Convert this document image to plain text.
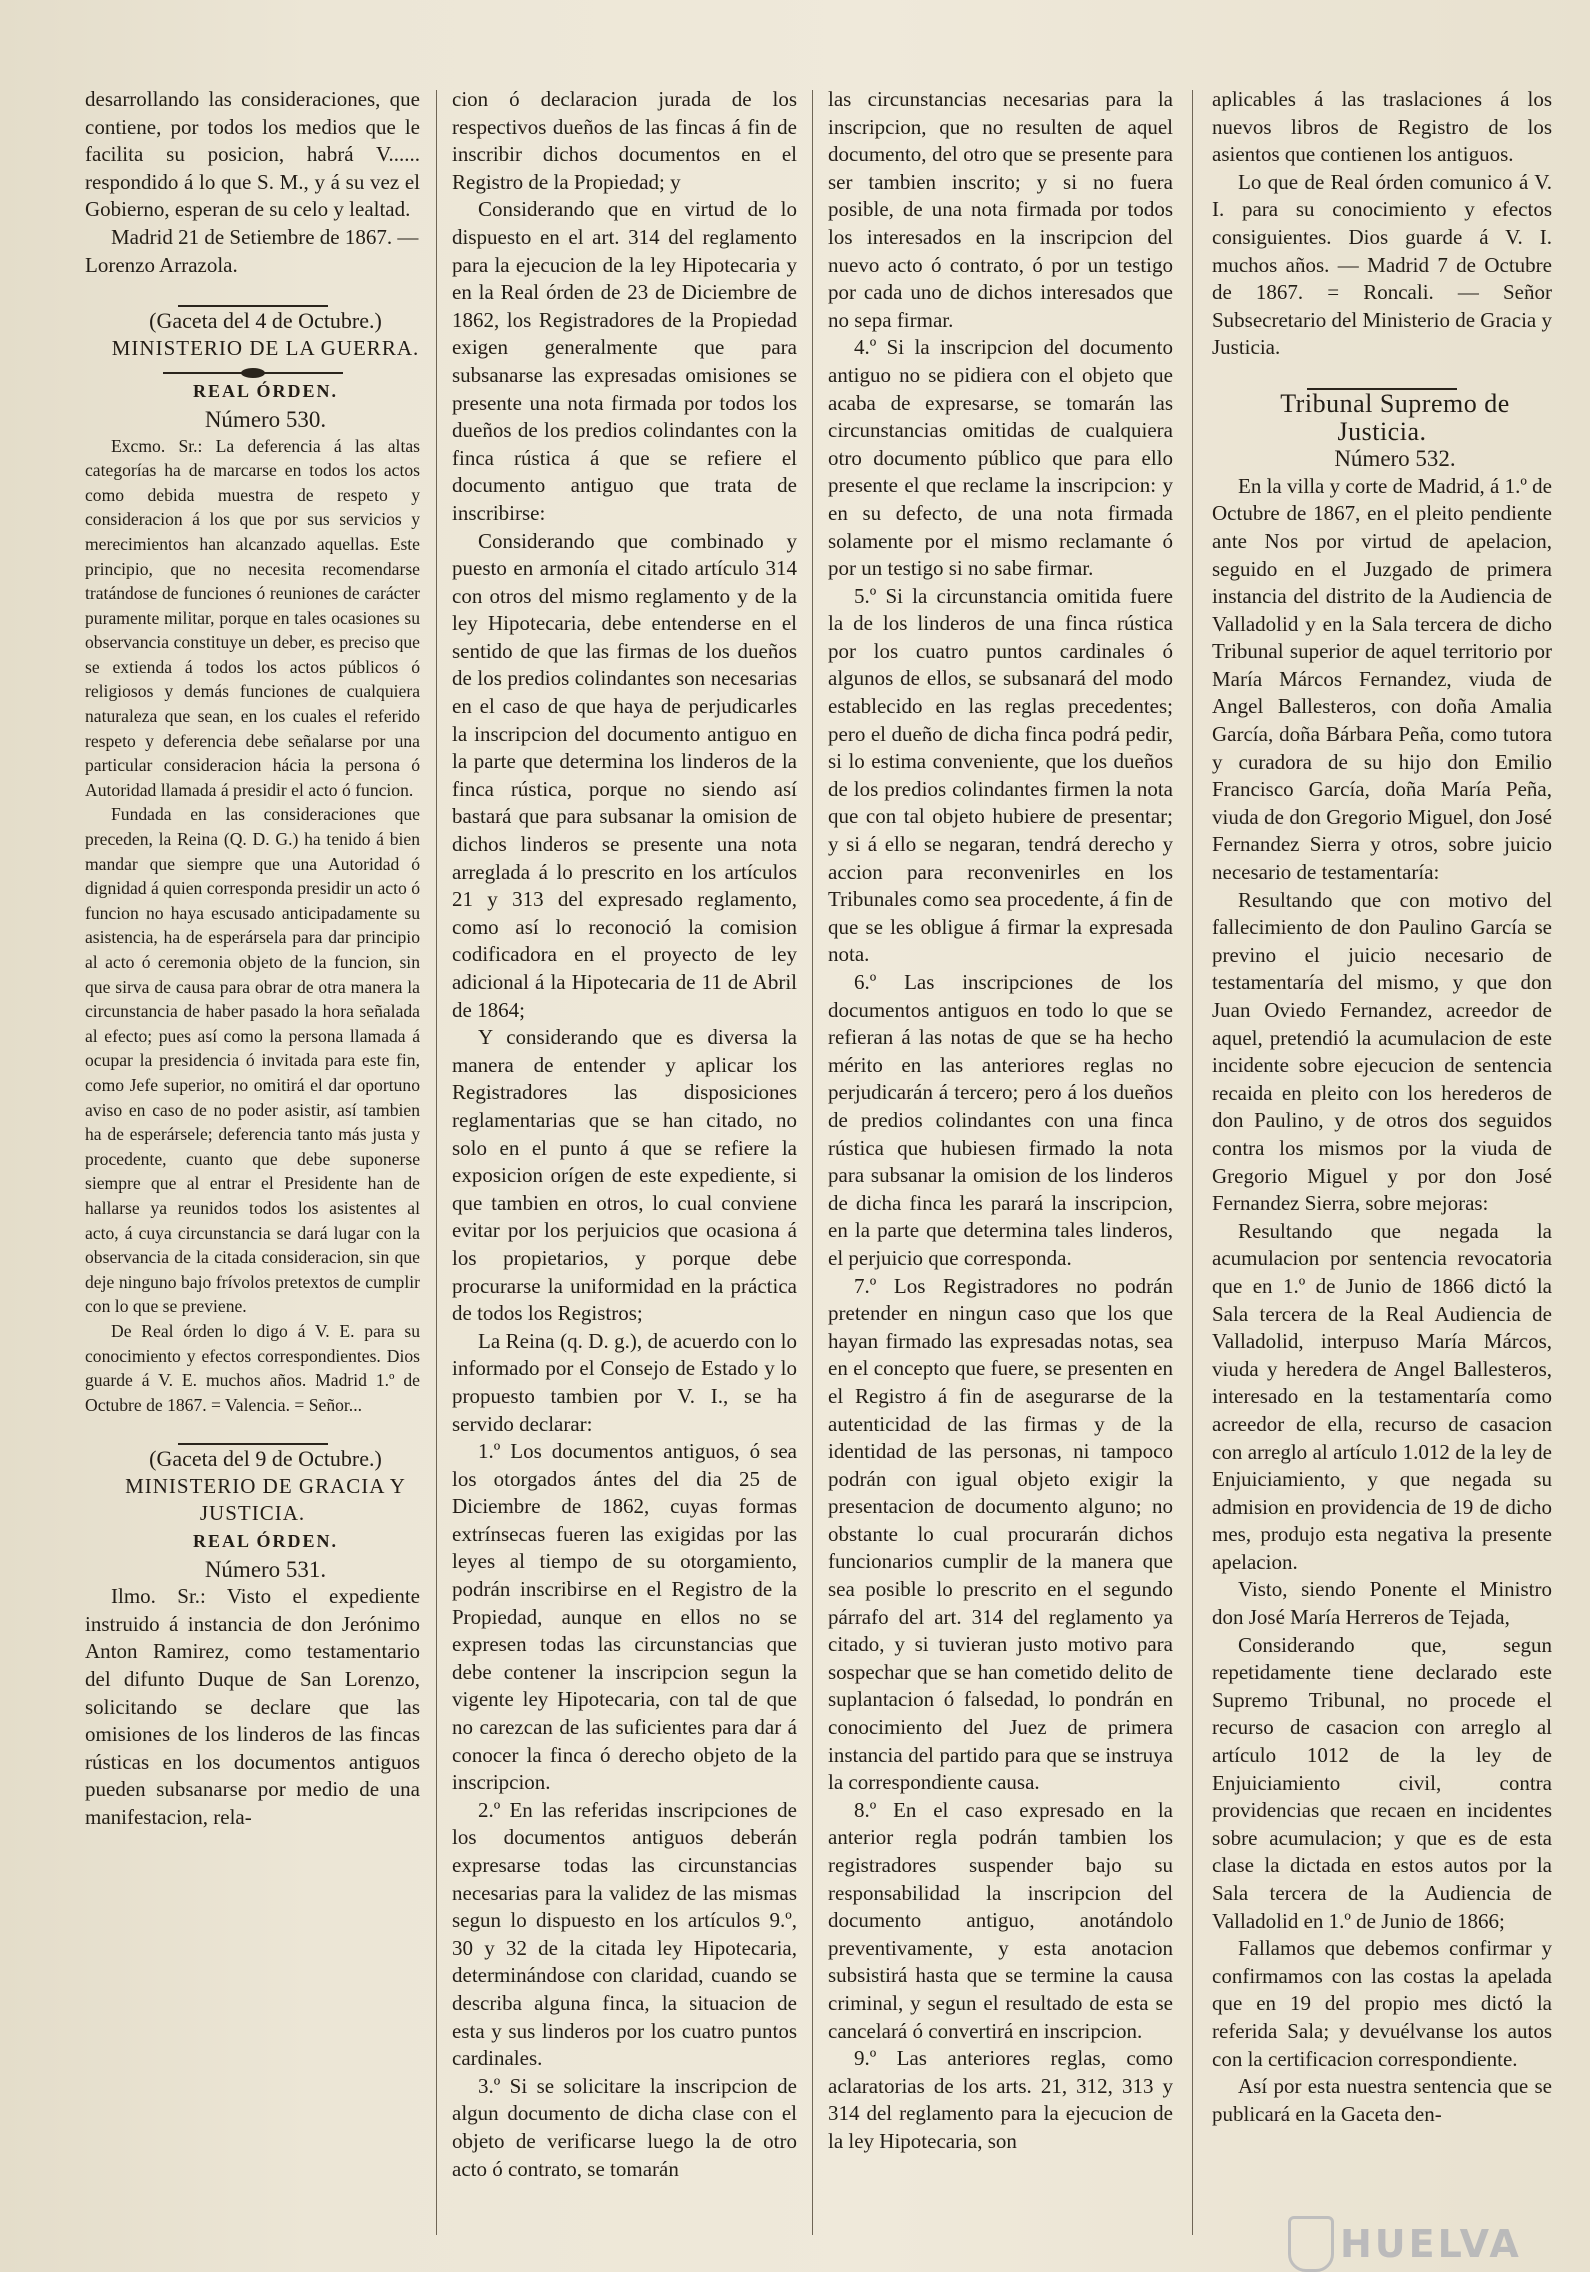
desarrollando las consideraciones, que contiene, por todos los medios que le facilita su posicion, habrá V...... respondido á lo que S. M., y á su vez el Gobierno, esperan de su celo y lealtad.

Madrid 21 de Setiembre de 1867. — Lorenzo Arrazola.

(Gaceta del 4 de Octubre.)

MINISTERIO DE LA GUERRA.

REAL ÓRDEN.

Número 530.

Excmo. Sr.: La deferencia á las altas categorías ha de marcarse en todos los actos como debida muestra de respeto y consideracion á los que por sus servicios y merecimientos han alcanzado aquellas. Este principio, que no necesita recomendarse tratándose de funciones ó reuniones de carácter puramente militar, porque en tales ocasiones su observancia constituye un deber, es preciso que se extienda á todos los actos públicos ó religiosos y demás funciones de cualquiera naturaleza que sean, en los cuales el referido respeto y deferencia debe señalarse por una particular consideracion hácia la persona ó Autoridad llamada á presidir el acto ó funcion.

Fundada en las consideraciones que preceden, la Reina (Q. D. G.) ha tenido á bien mandar que siempre que una Autoridad ó dignidad á quien corresponda presidir un acto ó funcion no haya escusado anticipadamente su asistencia, ha de esperársela para dar principio al acto ó ceremonia objeto de la funcion, sin que sirva de causa para obrar de otra manera la circunstancia de haber pasado la hora señalada al efecto; pues así como la persona llamada á ocupar la presidencia ó invitada para este fin, como Jefe superior, no omitirá el dar oportuno aviso en caso de no poder asistir, así tambien ha de esperársele; deferencia tanto más justa y procedente, cuanto que debe suponerse siempre que al entrar el Presidente han de hallarse ya reunidos todos los asistentes al acto, á cuya circunstancia se dará lugar con la observancia de la citada consideracion, sin que deje ninguno bajo frívolos pretextos de cumplir con lo que se previene.

De Real órden lo digo á V. E. para su conocimiento y efectos correspondientes. Dios guarde á V. E. muchos años. Madrid 1.º de Octubre de 1867. = Valencia. = Señor...

(Gaceta del 9 de Octubre.)

MINISTERIO DE GRACIA Y JUSTICIA.

REAL ÓRDEN.

Número 531.

Ilmo. Sr.: Visto el expediente instruido á instancia de don Jerónimo Anton Ramirez, como testamentario del difunto Duque de San Lorenzo, solicitando se declare que las omisiones de los linderos de las fincas rústicas en los documentos antiguos pueden subsanarse por medio de una manifestacion, rela-

cion ó declaracion jurada de los respectivos dueños de las fincas á fin de inscribir dichos documentos en el Registro de la Propiedad; y

Considerando que en virtud de lo dispuesto en el art. 314 del reglamento para la ejecucion de la ley Hipotecaria y en la Real órden de 23 de Diciembre de 1862, los Registradores de la Propiedad exigen generalmente que para subsanarse las expresadas omisiones se presente una nota firmada por todos los dueños de los predios colindantes con la finca rústica á que se refiere el documento antiguo que trata de inscribirse:

Considerando que combinado y puesto en armonía el citado artículo 314 con otros del mismo reglamento y de la ley Hipotecaria, debe entenderse en el sentido de que las firmas de los dueños de los predios colindantes son necesarias en el caso de que haya de perjudicarles la inscripcion del documento antiguo en la parte que determina los linderos de la finca rústica, porque no siendo así bastará que para subsanar la omision de dichos linderos se presente una nota arreglada á lo prescrito en los artículos 21 y 313 del expresado reglamento, como así lo reconoció la comision codificadora en el proyecto de ley adicional á la Hipotecaria de 11 de Abril de 1864;

Y considerando que es diversa la manera de entender y aplicar los Registradores las disposiciones reglamentarias que se han citado, no solo en el punto á que se refiere la exposicion orígen de este expediente, si que tambien en otros, lo cual conviene evitar por los perjuicios que ocasiona á los propietarios, y porque debe procurarse la uniformidad en la práctica de todos los Registros;

La Reina (q. D. g.), de acuerdo con lo informado por el Consejo de Estado y lo propuesto tambien por V. I., se ha servido declarar:

1.º Los documentos antiguos, ó sea los otorgados ántes del dia 25 de Diciembre de 1862, cuyas formas extrínsecas fueren las exigidas por las leyes al tiempo de su otorgamiento, podrán inscribirse en el Registro de la Propiedad, aunque en ellos no se expresen todas las circunstancias que debe contener la inscripcion segun la vigente ley Hipotecaria, con tal de que no carezcan de las suficientes para dar á conocer la finca ó derecho objeto de la inscripcion.

2.º En las referidas inscripciones de los documentos antiguos deberán expresarse todas las circunstancias necesarias para la validez de las mismas segun lo dispuesto en los artículos 9.º, 30 y 32 de la citada ley Hipotecaria, determinándose con claridad, cuando se describa alguna finca, la situacion de esta y sus linderos por los cuatro puntos cardinales.

3.º Si se solicitare la inscripcion de algun documento de dicha clase con el objeto de verificarse luego la de otro acto ó contrato, se tomarán

las circunstancias necesarias para la inscripcion, que no resulten de aquel documento, del otro que se presente para ser tambien inscrito; y si no fuera posible, de una nota firmada por todos los interesados en la inscripcion del nuevo acto ó contrato, ó por un testigo por cada uno de dichos interesados que no sepa firmar.

4.º Si la inscripcion del documento antiguo no se pidiera con el objeto que acaba de expresarse, se tomarán las circunstancias omitidas de cualquiera otro documento público que para ello presente el que reclame la inscripcion: y en su defecto, de una nota firmada solamente por el mismo reclamante ó por un testigo si no sabe firmar.

5.º Si la circunstancia omitida fuere la de los linderos de una finca rústica por los cuatro puntos cardinales ó algunos de ellos, se subsanará del modo establecido en las reglas precedentes; pero el dueño de dicha finca podrá pedir, si lo estima conveniente, que los dueños de los predios colindantes firmen la nota que con tal objeto hubiere de presentar; y si á ello se negaran, tendrá derecho y accion para reconvenirles en los Tribunales como sea procedente, á fin de que se les obligue á firmar la expresada nota.

6.º Las inscripciones de los documentos antiguos en todo lo que se refieran á las notas de que se ha hecho mérito en las anteriores reglas no perjudicarán á tercero; pero á los dueños de predios colindantes con una finca rústica que hubiesen firmado la nota para subsanar la omision de los linderos de dicha finca les parará la inscripcion, en la parte que determina tales linderos, el perjuicio que corresponda.

7.º Los Registradores no podrán pretender en ningun caso que los que hayan firmado las expresadas notas, sea en el concepto que fuere, se presenten en el Registro á fin de asegurarse de la autenticidad de las firmas y de la identidad de las personas, ni tampoco podrán con igual objeto exigir la presentacion de documento alguno; no obstante lo cual procurarán dichos funcionarios cumplir de la manera que sea posible lo prescrito en el segundo párrafo del art. 314 del reglamento ya citado, y si tuvieran justo motivo para sospechar que se han cometido delito de suplantacion ó falsedad, lo pondrán en conocimiento del Juez de primera instancia del partido para que se instruya la correspondiente causa.

8.º En el caso expresado en la anterior regla podrán tambien los registradores suspender bajo su responsabilidad la inscripcion del documento antiguo, anotándolo preventivamente, y esta anotacion subsistirá hasta que se termine la causa criminal, y segun el resultado de esta se cancelará ó convertirá en inscripcion.

9.º Las anteriores reglas, como aclaratorias de los arts. 21, 312, 313 y 314 del reglamento para la ejecucion de la ley Hipotecaria, son

aplicables á las traslaciones á los nuevos libros de Registro de los asientos que contienen los antiguos.

Lo que de Real órden comunico á V. I. para su conocimiento y efectos consiguientes. Dios guarde á V. I. muchos años. — Madrid 7 de Octubre de 1867. = Roncali. — Señor Subsecretario del Ministerio de Gracia y Justicia.

Tribunal Supremo de Justicia.

Número 532.

En la villa y corte de Madrid, á 1.º de Octubre de 1867, en el pleito pendiente ante Nos por virtud de apelacion, seguido en el Juzgado de primera instancia del distrito de la Audiencia de Valladolid y en la Sala tercera de dicho Tribunal superior de aquel territorio por María Márcos Fernandez, viuda de Angel Ballesteros, con doña Amalia García, doña Bárbara Peña, como tutora y curadora de su hijo don Emilio Francisco García, doña María Peña, viuda de don Gregorio Miguel, don José Fernandez Sierra y otros, sobre juicio necesario de testamentaría:

Resultando que con motivo del fallecimiento de don Paulino García se previno el juicio necesario de testamentaría del mismo, y que don Juan Oviedo Fernandez, acreedor de aquel, pretendió la acumulacion de este incidente sobre ejecucion de sentencia recaida en pleito con los herederos de don Paulino, y de otros dos seguidos contra los mismos por la viuda de Gregorio Miguel y por don José Fernandez Sierra, sobre mejoras:

Resultando que negada la acumulacion por sentencia revocatoria que en 1.º de Junio de 1866 dictó la Sala tercera de la Real Audiencia de Valladolid, interpuso María Márcos, viuda y heredera de Angel Ballesteros, interesado en la testamentaría como acreedor de ella, recurso de casacion con arreglo al artículo 1.012 de la ley de Enjuiciamiento, y que negada su admision en providencia de 19 de dicho mes, produjo esta negativa la presente apelacion.

Visto, siendo Ponente el Ministro don José María Herreros de Tejada,

Considerando que, segun repetidamente tiene declarado este Supremo Tribunal, no procede el recurso de casacion con arreglo al artículo 1012 de la ley de Enjuiciamiento civil, contra providencias que recaen en incidentes sobre acumulacion; y que es de esta clase la dictada en estos autos por la Sala tercera de la Audiencia de Valladolid en 1.º de Junio de 1866;

Fallamos que debemos confirmar y confirmamos con las costas la apelada que en 19 del propio mes dictó la referida Sala; y devuélvanse los autos con la certificacion correspondiente.

Así por esta nuestra sentencia que se publicará en la Gaceta den-

HUELVA
